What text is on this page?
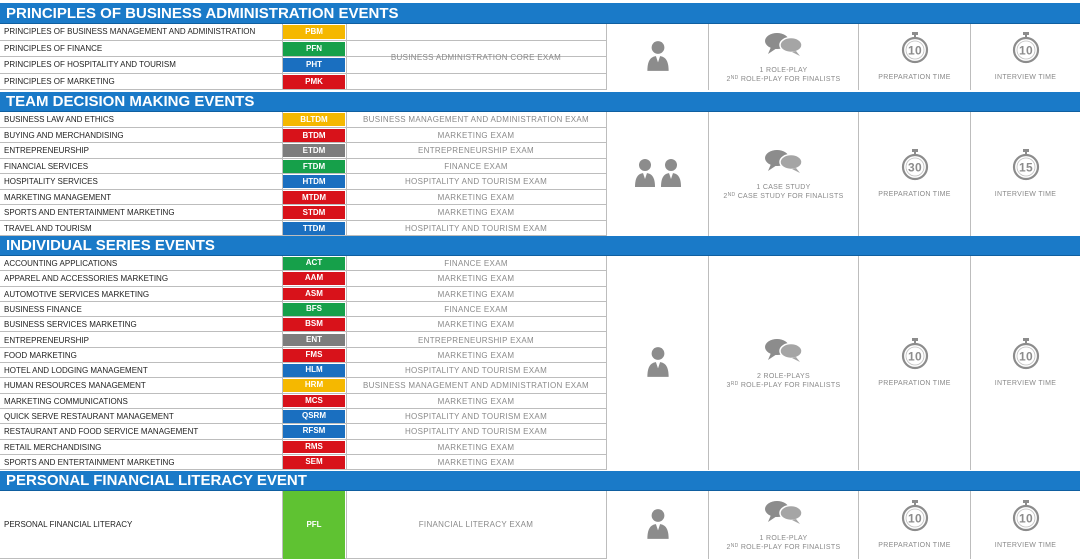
PRINCIPLES OF BUSINESS ADMINISTRATION EVENTS
PRINCIPLES OF BUSINESS MANAGEMENT AND ADMINISTRATION	PBM
PRINCIPLES OF FINANCE	PFN
PRINCIPLES OF HOSPITALITY AND TOURISM	PHT
PRINCIPLES OF MARKETING	PMK
BUSINESS ADMINISTRATION CORE EXAM
1 ROLE-PLAY
2ND ROLE-PLAY FOR FINALISTS
10
PREPARATION TIME
10
INTERVIEW TIME
TEAM DECISION MAKING EVENTS
BUSINESS LAW AND ETHICS	BLTDM	BUSINESS MANAGEMENT AND ADMINISTRATION EXAM
BUYING AND MERCHANDISING	BTDM	MARKETING EXAM
ENTREPRENEURSHIP	ETDM	ENTREPRENEURSHIP EXAM
FINANCIAL SERVICES	FTDM	FINANCE EXAM
HOSPITALITY SERVICES	HTDM	HOSPITALITY AND TOURISM EXAM
MARKETING MANAGEMENT	MTDM	MARKETING EXAM
SPORTS AND ENTERTAINMENT MARKETING	STDM	MARKETING EXAM
TRAVEL AND TOURISM	TTDM	HOSPITALITY AND TOURISM EXAM
1 CASE STUDY
2ND CASE STUDY FOR FINALISTS
30
PREPARATION TIME
15
INTERVIEW TIME
INDIVIDUAL SERIES EVENTS
ACCOUNTING APPLICATIONS	ACT	FINANCE EXAM
APPAREL AND ACCESSORIES MARKETING	AAM	MARKETING EXAM
AUTOMOTIVE SERVICES MARKETING	ASM	MARKETING EXAM
BUSINESS FINANCE	BFS	FINANCE EXAM
BUSINESS SERVICES MARKETING	BSM	MARKETING EXAM
ENTREPRENEURSHIP	ENT	ENTREPRENEURSHIP EXAM
FOOD MARKETING	FMS	MARKETING EXAM
HOTEL AND LODGING MANAGEMENT	HLM	HOSPITALITY AND TOURISM EXAM
HUMAN RESOURCES MANAGEMENT	HRM	BUSINESS MANAGEMENT AND ADMINISTRATION EXAM
MARKETING COMMUNICATIONS	MCS	MARKETING EXAM
QUICK SERVE RESTAURANT MANAGEMENT	QSRM	HOSPITALITY AND TOURISM EXAM
RESTAURANT AND FOOD SERVICE MANAGEMENT	RFSM	HOSPITALITY AND TOURISM EXAM
RETAIL MERCHANDISING	RMS	MARKETING EXAM
SPORTS AND ENTERTAINMENT MARKETING	SEM	MARKETING EXAM
2 ROLE-PLAYS
3RD ROLE-PLAY FOR FINALISTS
10
PREPARATION TIME
10
INTERVIEW TIME
PERSONAL FINANCIAL LITERACY EVENT
PERSONAL FINANCIAL LITERACY	PFL	FINANCIAL LITERACY EXAM
1 ROLE-PLAY
2ND ROLE-PLAY FOR FINALISTS
10
PREPARATION TIME
10
INTERVIEW TIME
